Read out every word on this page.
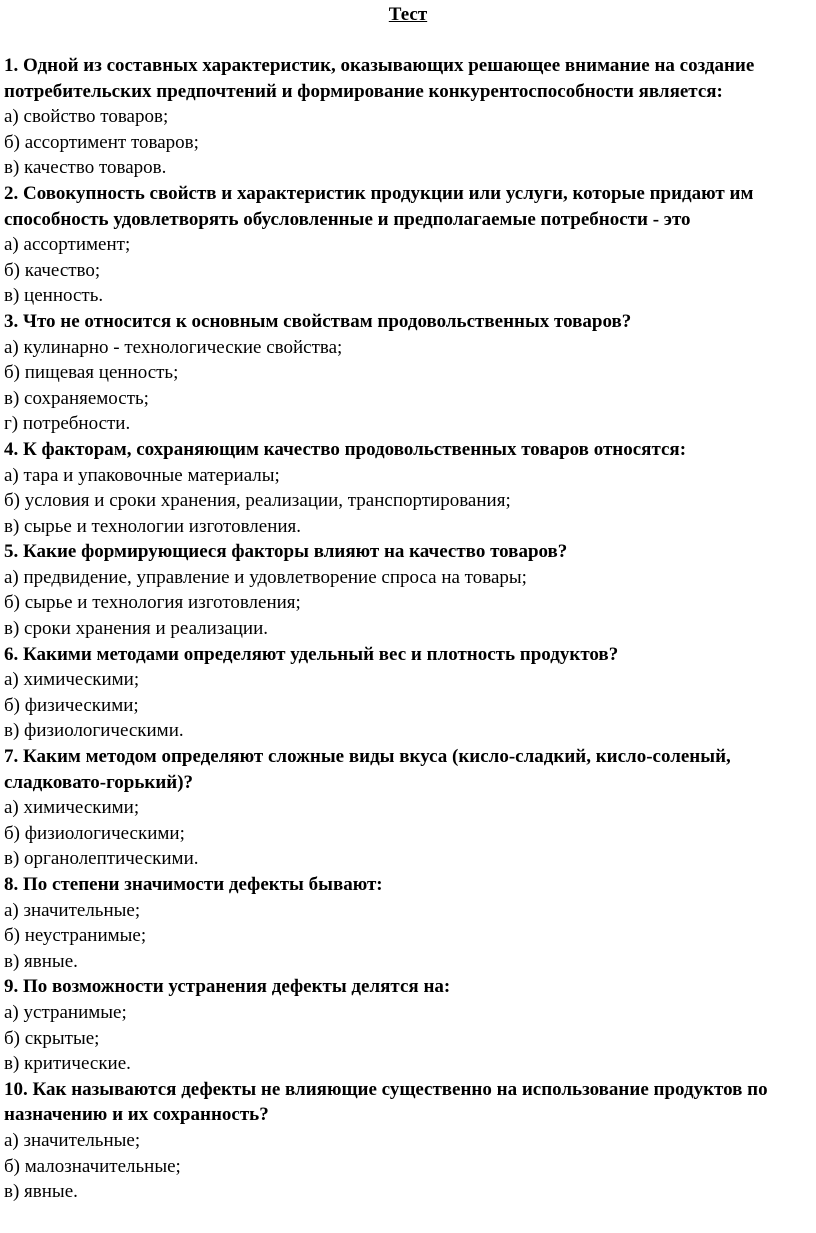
Тест

1. Одной из составных характеристик, оказывающих решающее внимание на создание потребительских предпочтений и формирование конкурентоспособности является:

а) свойство товаров;

б) ассортимент товаров;

в) качество товаров.

2. Совокупность свойств и характеристик продукции или услуги, которые придают им способность удовлетворять обусловленные и предполагаемые потребности - это

а) ассортимент;

б) качество;

в) ценность.

3. Что не относится к основным свойствам продовольственных товаров?

а) кулинарно - технологические свойства;

б) пищевая ценность;

в) сохраняемость;

г) потребности.

4. К факторам, сохраняющим качество продовольственных товаров относятся:

а) тара и упаковочные материалы;

б) условия и сроки хранения, реализации, транспортирования;

в) сырье и технологии изготовления.

5. Какие формирующиеся факторы влияют на качество товаров?

а) предвидение, управление и удовлетворение спроса на товары;

б) сырье и технология изготовления;

в) сроки хранения и реализации.

6. Какими методами определяют удельный вес и плотность продуктов?

а) химическими;

б) физическими;

в) физиологическими.

7. Каким методом определяют сложные виды вкуса (кисло-сладкий, кисло-соленый, сладковато-горький)?

а) химическими;

б) физиологическими;

в) органолептическими.

8. По степени значимости дефекты бывают:

а) значительные;

б) неустранимые;

в) явные.

9. По возможности устранения дефекты делятся на:

а) устранимые;

б) скрытые;

в) критические.

10. Как называются дефекты не влияющие существенно на использование продуктов по назначению и их сохранность?

а) значительные;

б) малозначительные;

в) явные.
